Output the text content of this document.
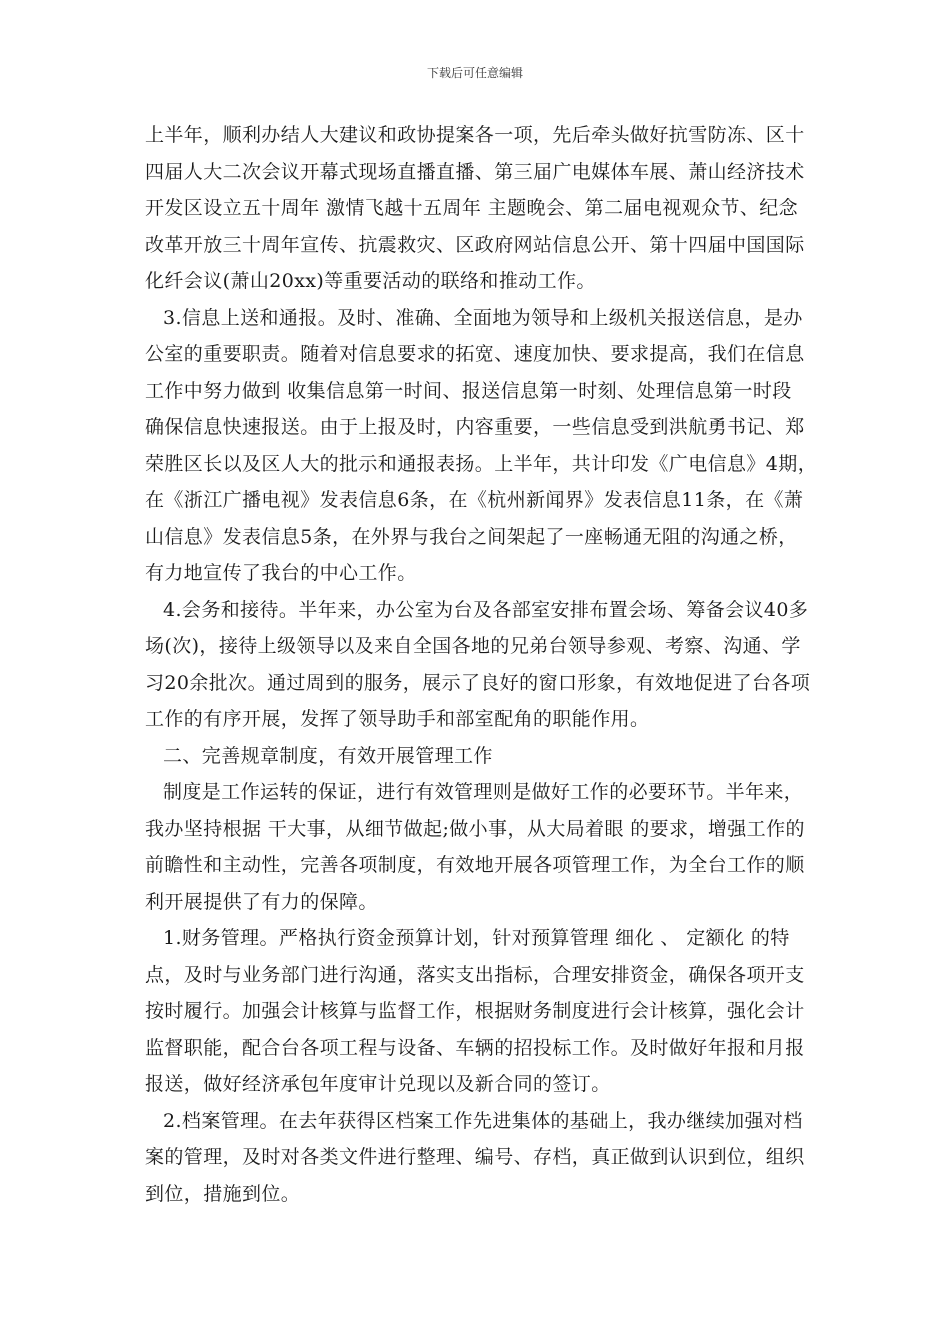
下载后可任意编辑
上半年，顺利办结人大建议和政协提案各一项，先后牵头做好抗雪防冻、区十
四届人大二次会议开幕式现场直播直播、第三届广电媒体车展、萧山经济技术
开发区设立五十周年 激情飞越十五周年 主题晚会、第二届电视观众节、纪念
改革开放三十周年宣传、抗震救灾、区政府网站信息公开、第十四届中国国际
化纤会议(萧山20xx)等重要活动的联络和推动工作。
3.信息上送和通报。及时、准确、全面地为领导和上级机关报送信息，是办
公室的重要职责。随着对信息要求的拓宽、速度加快、要求提高，我们在信息
工作中努力做到 收集信息第一时间、报送信息第一时刻、处理信息第一时段
确保信息快速报送。由于上报及时，内容重要，一些信息受到洪航勇书记、郑
荣胜区长以及区人大的批示和通报表扬。上半年，共计印发《广电信息》4期，
在《浙江广播电视》发表信息6条，在《杭州新闻界》发表信息11条，在《萧
山信息》发表信息5条，在外界与我台之间架起了一座畅通无阻的沟通之桥，
有力地宣传了我台的中心工作。
4.会务和接待。半年来，办公室为台及各部室安排布置会场、筹备会议40多
场(次)，接待上级领导以及来自全国各地的兄弟台领导参观、考察、沟通、学
习20余批次。通过周到的服务，展示了良好的窗口形象，有效地促进了台各项
工作的有序开展，发挥了领导助手和部室配角的职能作用。
二、完善规章制度，有效开展管理工作
制度是工作运转的保证，进行有效管理则是做好工作的必要环节。半年来，
我办坚持根据 干大事，从细节做起;做小事，从大局着眼 的要求，增强工作的
前瞻性和主动性，完善各项制度，有效地开展各项管理工作，为全台工作的顺
利开展提供了有力的保障。
1.财务管理。严格执行资金预算计划，针对预算管理 细化 、 定额化 的特
点，及时与业务部门进行沟通，落实支出指标，合理安排资金，确保各项开支
按时履行。加强会计核算与监督工作，根据财务制度进行会计核算，强化会计
监督职能，配合台各项工程与设备、车辆的招投标工作。及时做好年报和月报
报送，做好经济承包年度审计兑现以及新合同的签订。
2.档案管理。在去年获得区档案工作先进集体的基础上，我办继续加强对档
案的管理，及时对各类文件进行整理、编号、存档，真正做到认识到位，组织
到位，措施到位。
